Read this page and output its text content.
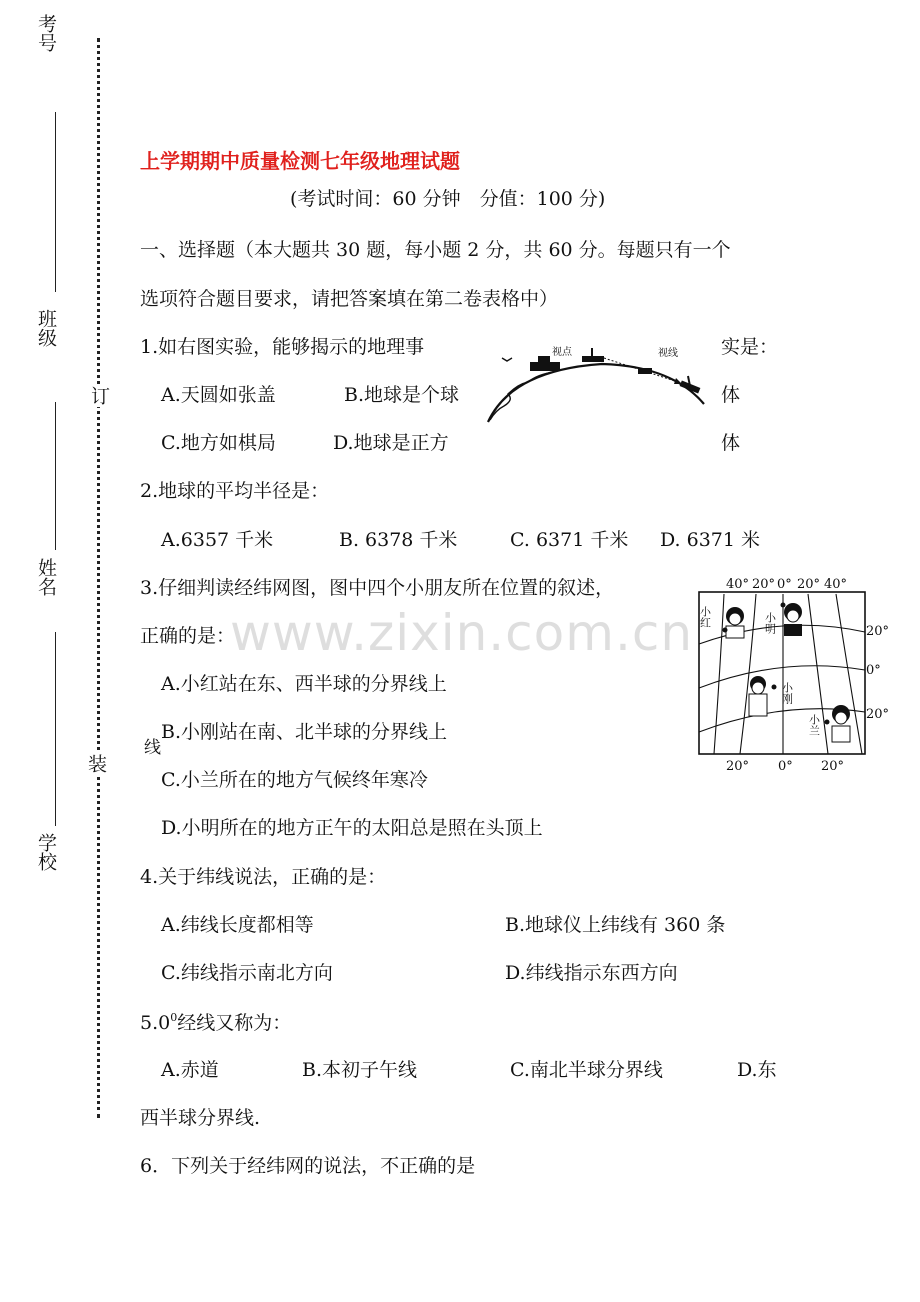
考号
班级
姓名
学校
订
装
线
www.zixin.com.cn
上学期期中质量检测七年级地理试题
(考试时间：60 分钟　分值：100 分)
一、选择题（本大题共 30 题，每小题 2 分，共 60 分。每题只有一个
选项符合题目要求，请把答案填在第二卷表格中）
1.如右图实验，能够揭示的地理事	实是：
A.天圆如张盖	B.地球是个球	体
C.地方如棋局	D.地球是正方	体
视点	视线
2.地球的平均半径是：
A.6357 千米	B. 6378 千米	C. 6371 千米 D. 6371 米
3.仔细判读经纬网图，图中四个小朋友所在位置的叙述，
正确的是：
A.小红站在东、西半球的分界线上
B.小刚站在南、北半球的分界线上
C.小兰所在的地方气候终年寒冷
D.小明所在的地方正午的太阳总是照在头顶上
40° 20° 0° 20° 40°
20°
0°
20°
20° 0° 20°
小红	小明
小刚
小兰
4.关于纬线说法，正确的是：
A.纬线长度都相等	B.地球仪上纬线有 360 条
C.纬线指示南北方向	D.纬线指示东西方向
$5.0^0$经线又称为：
A.赤道	B.本初子午线	C.南北半球分界线	D.东
西半球分界线.
6．下列关于经纬网的说法，不正确的是
